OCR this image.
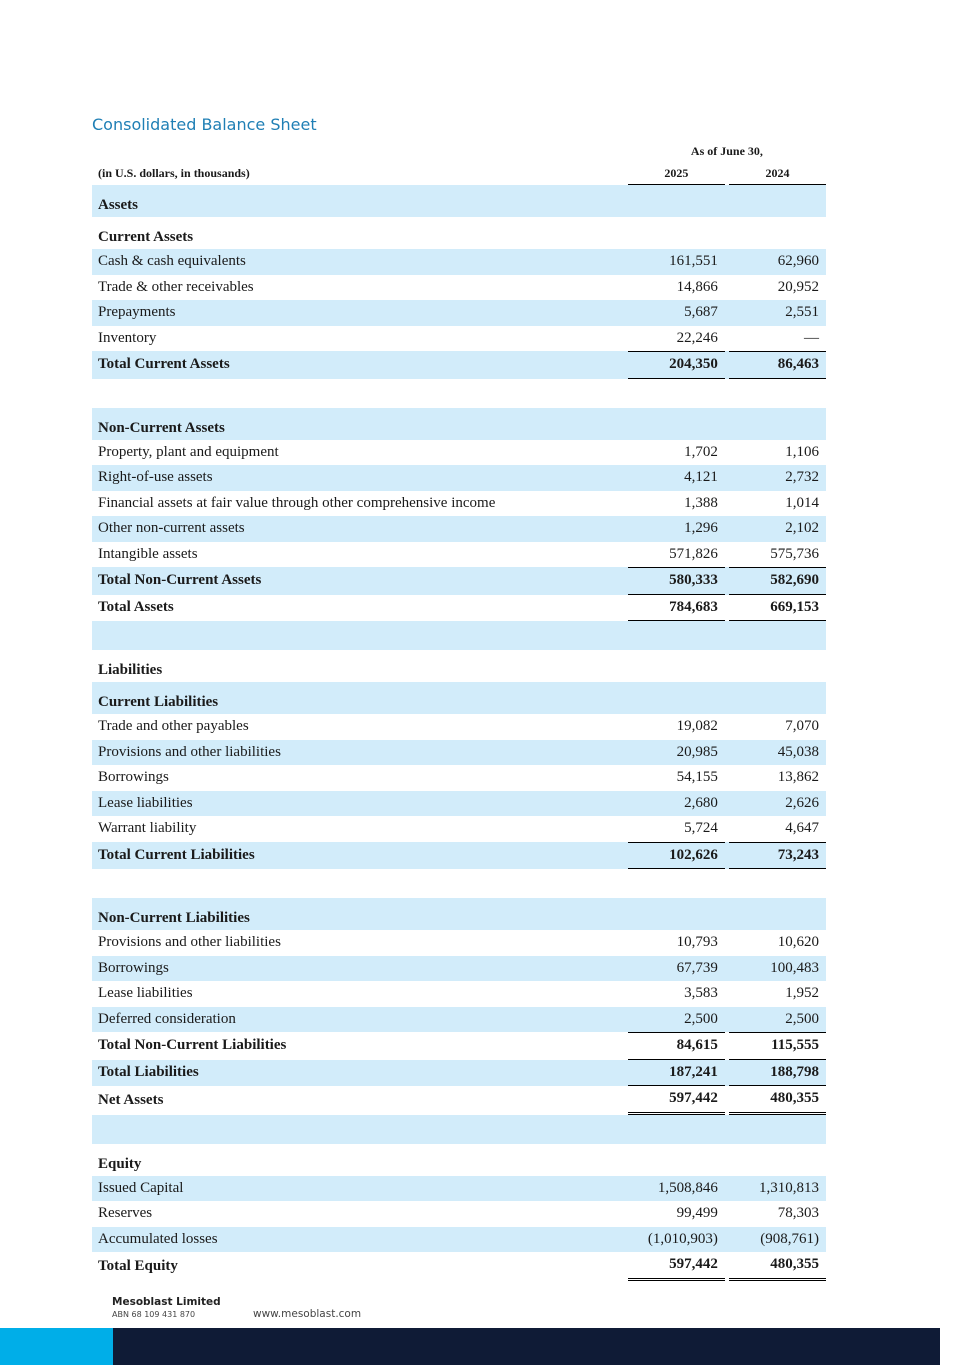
Consolidated Balance Sheet
	As of June 30,		
(in U.S. dollars, in thousands)	2025		2024
Assets			
Current Assets			
Cash & cash equivalents	161,551		62,960
Trade & other receivables	14,866		20,952
Prepayments	5,687		2,551
Inventory	22,246		—
Total Current Assets	204,350		86,463

Non-Current Assets			
Property, plant and equipment	1,702		1,106
Right-of-use assets	4,121		2,732
Financial assets at fair value through other comprehensive income	1,388		1,014
Other non-current assets	1,296		2,102
Intangible assets	571,826		575,736
Total Non-Current Assets	580,333		582,690
Total Assets	784,683		669,153

Liabilities			
Current Liabilities			
Trade and other payables	19,082		7,070
Provisions and other liabilities	20,985		45,038
Borrowings	54,155		13,862
Lease liabilities	2,680		2,626
Warrant liability	5,724		4,647
Total Current Liabilities	102,626		73,243

Non-Current Liabilities			
Provisions and other liabilities	10,793		10,620
Borrowings	67,739		100,483
Lease liabilities	3,583		1,952
Deferred consideration	2,500		2,500
Total Non-Current Liabilities	84,615		115,555
Total Liabilities	187,241		188,798
Net Assets	597,442		480,355

Equity			
Issued Capital	1,508,846		1,310,813
Reserves	99,499		78,303
Accumulated losses	(1,010,903)		(908,761)
Total Equity	597,442		480,355
Mesoblast Limited
ABN 68 109 431 870	www.mesoblast.com
